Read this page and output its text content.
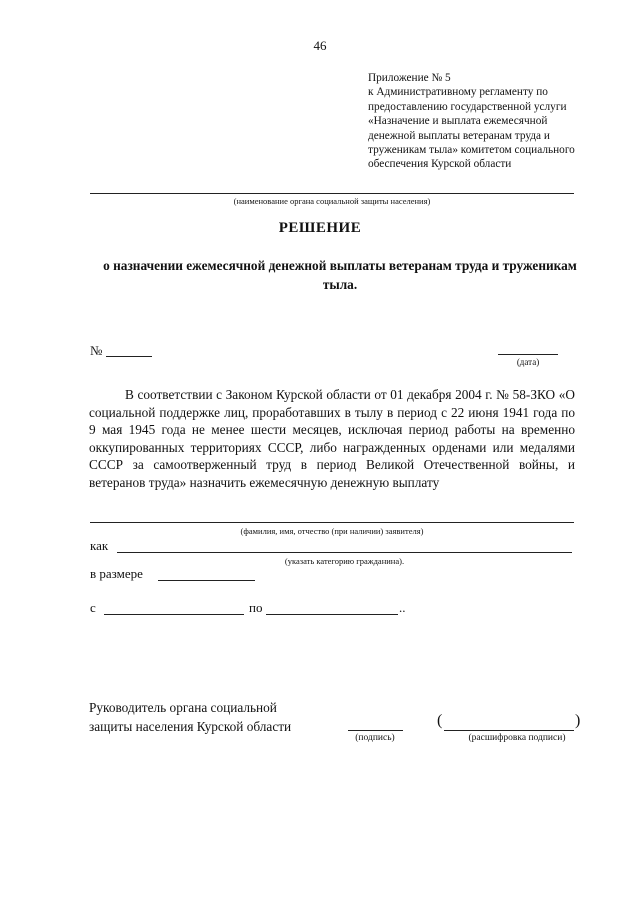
46
Приложение № 5
к Административному регламенту по
предоставлению государственной услуги
«Назначение и выплата ежемесячной
денежной выплаты ветеранам труда и
труженикам тыла» комитетом социального
обеспечения Курской области
(наименование органа социальной защиты населения)
РЕШЕНИЕ
о назначении ежемесячной денежной выплаты ветеранам труда и труженикам тыла.
№
(дата)
В соответствии с Законом Курской области от 01 декабря 2004 г. № 58-ЗКО «О социальной поддержке лиц, проработавших в тылу в период с 22 июня 1941 года по 9 мая 1945 года не менее шести месяцев, исключая период работы на временно оккупированных территориях СССР, либо награжденных орденами или медалями СССР за самоотверженный труд в период Великой Отечественной войны, и ветеранов труда» назначить ежемесячную денежную выплату
(фамилия, имя, отчество (при наличии) заявителя)
как
(указать категорию гражданина).
в размере
с	по	..
Руководитель органа социальной
защиты населения Курской области
(подпись)
(	)
(расшифровка подписи)
